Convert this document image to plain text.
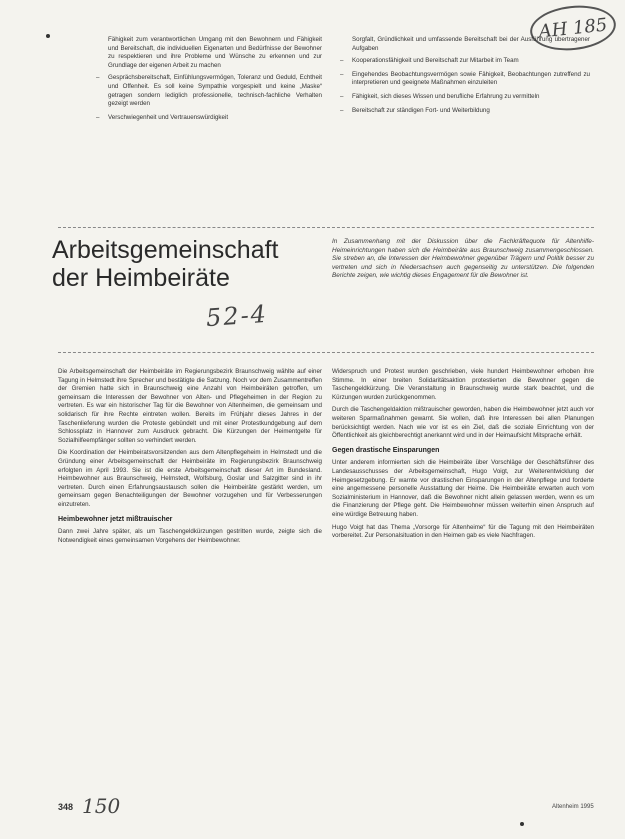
AH 185

Fähigkeit zum verantwortlichen Umgang mit den Bewohnern und Fähigkeit und Bereitschaft, die individuellen Eigenarten und Bedürfnisse der Bewohner zu respektieren und ihre Probleme und Wünsche zu erkennen und zur Grundlage der eigenen Arbeit zu machen

– Gesprächsbereitschaft, Einfühlungsvermögen, Toleranz und Geduld, Echtheit und Offenheit. Es soll keine Sympathie vorgespielt und keine „Maske“ getragen sondern lediglich professionelle, technisch-fachliche Verhalten gezeigt werden
– Verschwiegenheit und Vertrauenswürdigkeit

Sorgfalt, Gründlichkeit und umfassende Bereitschaft bei der Ausführung übertragener Aufgaben

– Kooperationsfähigkeit und Bereitschaft zur Mitarbeit im Team
– Eingehendes Beobachtungsvermögen sowie Fähigkeit, Beobachtungen zutreffend zu interpretieren und geeignete Maßnahmen einzuleiten
– Fähigkeit, sich dieses Wissen und berufliche Erfahrung zu vermitteln
– Bereitschaft zur ständigen Fort- und Weiterbildung
Arbeitsgemeinschaft
der Heimbeiräte
In Zusammenhang mit der Diskussion über die Fachkräftequote für Altenhilfe-Heimeinrichtungen haben sich die Heimbeiräte aus Braunschweig zusammengeschlossen. Sie streben an, die Interessen der Heimbewohner gegenüber Trägern und Politik besser zu vertreten und sich in Niedersachsen auch gegenseitig zu unterstützen. Die folgenden Berichte zeigen, wie wichtig dieses Engagement für die Bewohner ist.
52-4

Die Arbeitsgemeinschaft der Heimbeiräte im Regierungsbezirk Braunschweig wählte auf einer Tagung in Helmstedt ihre Sprecher und bestätigte die Satzung. Noch vor dem Zusammentreffen der Gremien hatte sich in Braunschweig eine Anzahl von Heimbeiräten getroffen, um gemeinsam die Interessen der Bewohner von Alten- und Pflegeheimen in der Region zu vertreten. Es war ein historischer Tag für die Bewohner von Altenheimen, die gemeinsam und solidarisch für ihre Rechte eintreten wollen. Bereits im Frühjahr dieses Jahres in der Taschenlieferung wurden die Proteste gebündelt und mit einer Protestkundgebung auf dem Schlossplatz in Hannover zum Ausdruck gebracht. Die Kürzungen der Heimentgelte für Sozialhilfeempfänger sollten so verhindert werden.

Die Koordination der Heimbeiratsvorsitzenden aus dem Altenpflegeheim in Helmstedt und die Gründung einer Arbeitsgemeinschaft der Heimbeiräte im Regierungsbezirk Braunschweig erfolgten im April 1993. Sie ist die erste Arbeitsgemeinschaft dieser Art im Bundesland. Heimbewohner aus Braunschweig, Helmstedt, Wolfsburg, Goslar und Salzgitter sind in ihr vertreten. Durch einen Erfahrungsaustausch sollen die Heimbeiräte gestärkt werden, um gemeinsam gegen Benachteiligungen der Bewohner vorzugehen und für Verbesserungen einzutreten.

Heimbewohner jetzt mißtrauischer

Dann zwei Jahre später, als um Taschengeldkürzungen gestritten wurde, zeigte sich die Notwendigkeit eines gemeinsamen Vorgehens der Heimbewohner.

Widerspruch und Protest wurden geschrieben, viele hundert Heimbewohner erhoben ihre Stimme. In einer breiten Solidaritätsaktion protestierten die Bewohner gegen die Taschengeldkürzung. Die Veranstaltung in Braunschweig wurde stark beachtet, und die Kürzungen wurden zurückgenommen.

Durch die Taschengeldaktion mißtrauischer geworden, haben die Heimbewohner jetzt auch vor weiteren Sparmaßnahmen gewarnt. Sie wollen, daß ihre Interessen bei allen Planungen berücksichtigt werden. Nach wie vor ist es ein Ziel, daß die soziale Einrichtung von der Öffentlichkeit als gleichberechtigt anerkannt wird und in der Heimaufsicht Mitsprache erhält.

Gegen drastische Einsparungen

Unter anderem informierten sich die Heimbeiräte über Vorschläge der Geschäftsführer des Landesausschusses der Arbeitsgemeinschaft, Hugo Voigt, zur Weiterentwicklung der Heimgesetzgebung. Er warnte vor drastischen Einsparungen in der Altenpflege und forderte eine angemessene personelle Ausstattung der Heime. Die Heimbeiräte erwarten auch vom Sozialministerium in Hannover, daß die Bewohner nicht allein gelassen werden, wenn es um die Finanzierung der Pflege geht. Die Heimbewohner müssen weiterhin einen Anspruch auf eine würdige Betreuung haben.

Hugo Voigt hat das Thema „Vorsorge für Altenheime“ für die Tagung mit den Heimbeiräten vorbereitet. Zur Personalsituation in den Heimen gab es viele Nachfragen.

348 150	Altenheim 1995
